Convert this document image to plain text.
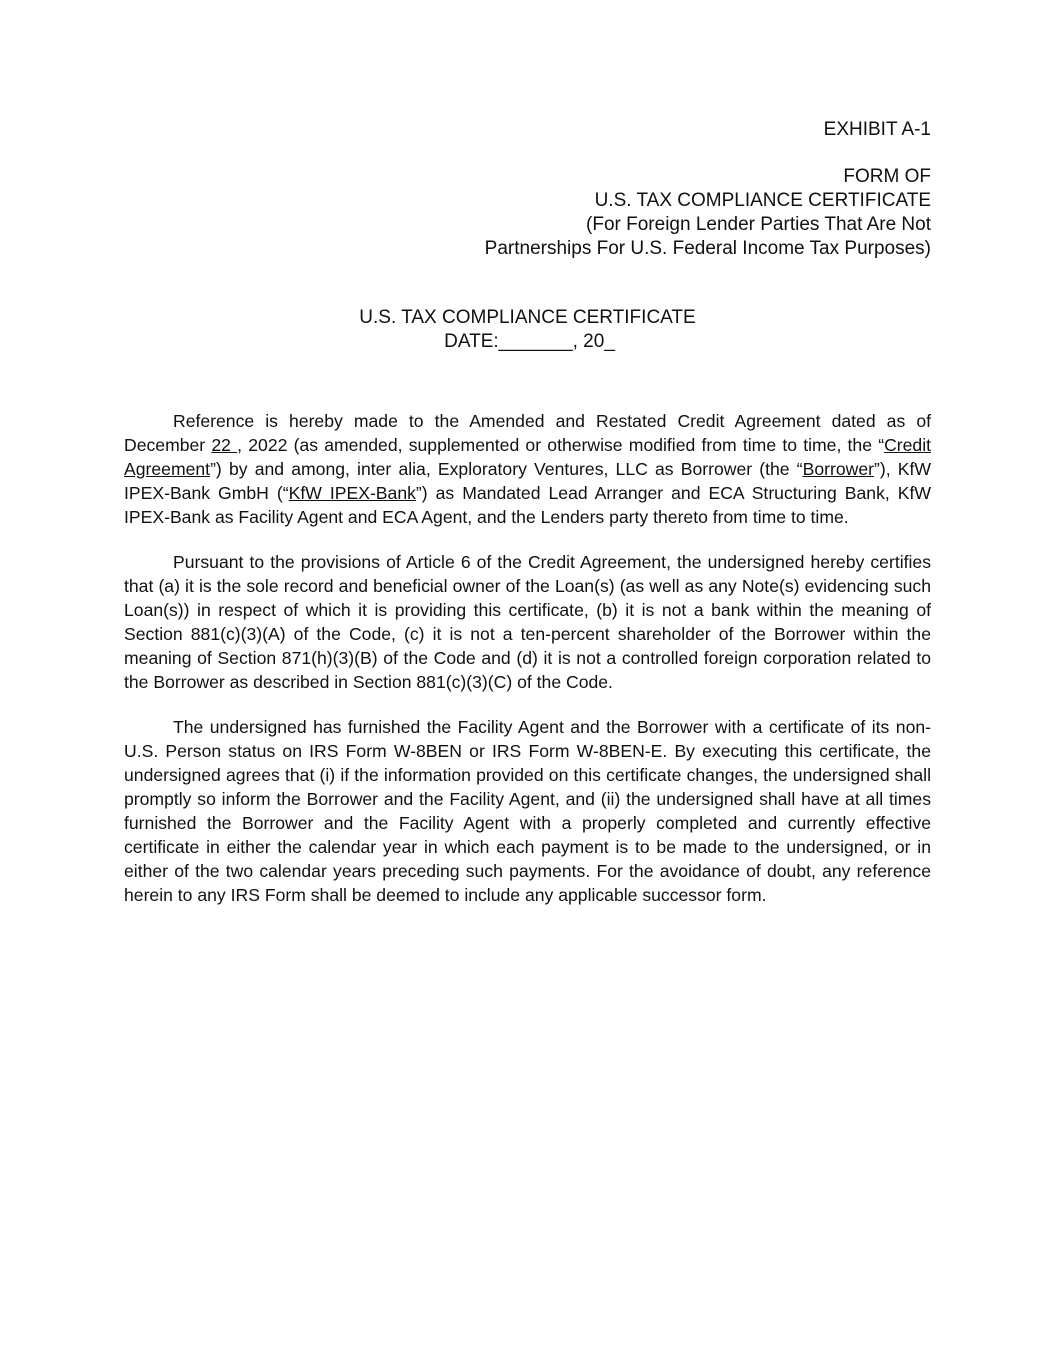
EXHIBIT A-1
FORM OF
U.S. TAX COMPLIANCE CERTIFICATE
(For Foreign Lender Parties That Are Not
Partnerships For U.S. Federal Income Tax Purposes)
U.S. TAX COMPLIANCE CERTIFICATE
DATE:_______, 20_

Reference is hereby made to the Amended and Restated Credit Agreement dated as of December 22 , 2022 (as amended, supplemented or otherwise modified from time to time, the “Credit Agreement”) by and among, inter alia, Exploratory Ventures, LLC as Borrower (the “Borrower”), KfW IPEX-Bank GmbH (“KfW IPEX-Bank”) as Mandated Lead Arranger and ECA Structuring Bank, KfW IPEX-Bank as Facility Agent and ECA Agent, and the Lenders party thereto from time to time.

Pursuant to the provisions of Article 6 of the Credit Agreement, the undersigned hereby certifies that (a) it is the sole record and beneficial owner of the Loan(s) (as well as any Note(s) evidencing such Loan(s)) in respect of which it is providing this certificate, (b) it is not a bank within the meaning of Section 881(c)(3)(A) of the Code, (c) it is not a ten-percent shareholder of the Borrower within the meaning of Section 871(h)(3)(B) of the Code and (d) it is not a controlled foreign corporation related to the Borrower as described in Section 881(c)(3)(C) of the Code.

The undersigned has furnished the Facility Agent and the Borrower with a certificate of its non-U.S. Person status on IRS Form W-8BEN or IRS Form W-8BEN-E. By executing this certificate, the undersigned agrees that (i) if the information provided on this certificate changes, the undersigned shall promptly so inform the Borrower and the Facility Agent, and (ii) the undersigned shall have at all times furnished the Borrower and the Facility Agent with a properly completed and currently effective certificate in either the calendar year in which each payment is to be made to the undersigned, or in either of the two calendar years preceding such payments. For the avoidance of doubt, any reference herein to any IRS Form shall be deemed to include any applicable successor form.
